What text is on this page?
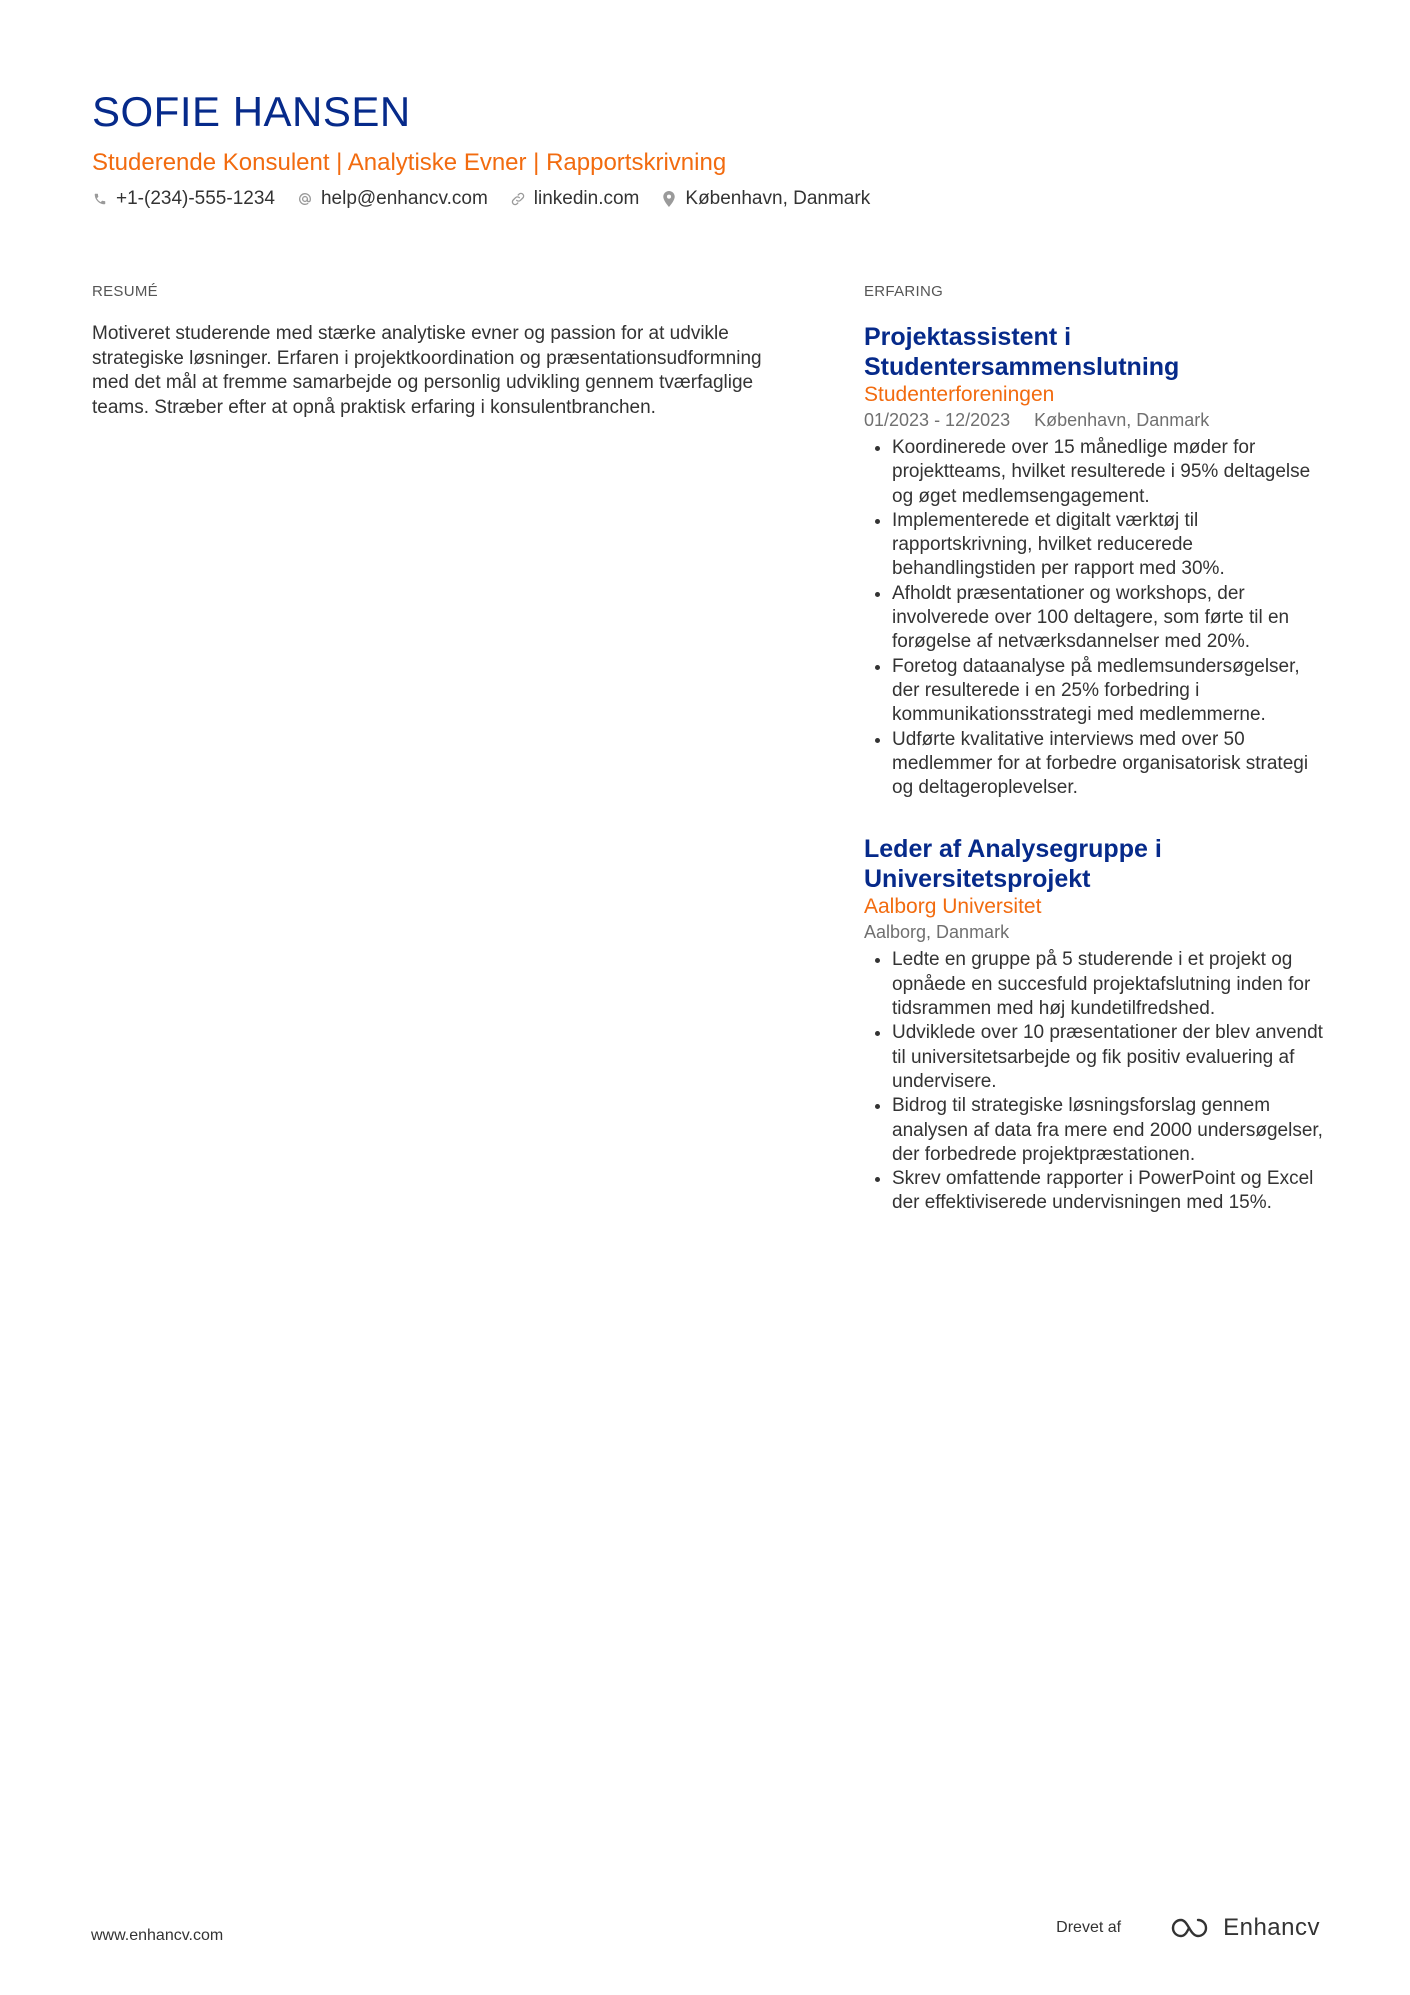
SOFIE HANSEN
Studerende Konsulent | Analytiske Evner | Rapportskrivning
+1-(234)-555-1234 help@enhancv.com linkedin.com København, Danmark
RESUMÉ

Motiveret studerende med stærke analytiske evner og passion for at udvikle strategiske løsninger. Erfaren i projektkoordination og præsentationsudformning med det mål at fremme samarbejde og personlig udvikling gennem tværfaglige teams. Stræber efter at opnå praktisk erfaring i konsulentbranchen.

ERFARING
Projektassistent i Studentersammenslutning
Studenterforeningen
01/2023 - 12/2023 København, Danmark
Koordinerede over 15 månedlige møder for projektteams, hvilket resulterede i 95% deltagelse og øget medlemsengagement.
Implementerede et digitalt værktøj til rapportskrivning, hvilket reducerede behandlingstiden per rapport med 30%.
Afholdt præsentationer og workshops, der involverede over 100 deltagere, som førte til en forøgelse af netværksdannelser med 20%.
Foretog dataanalyse på medlemsundersøgelser, der resulterede i en 25% forbedring i kommunikationsstrategi med medlemmerne.
Udførte kvalitative interviews med over 50 medlemmer for at forbedre organisatorisk strategi og deltageroplevelser.
Leder af Analysegruppe i Universitetsprojekt
Aalborg Universitet
Aalborg, Danmark
Ledte en gruppe på 5 studerende i et projekt og opnåede en succesfuld projektafslutning inden for tidsrammen med høj kundetilfredshed.
Udviklede over 10 præsentationer der blev anvendt til universitetsarbejde og fik positiv evaluering af undervisere.
Bidrog til strategiske løsningsforslag gennem analysen af data fra mere end 2000 undersøgelser, der forbedrede projektpræstationen.
Skrev omfattende rapporter i PowerPoint og Excel der effektiviserede undervisningen med 15%.
www.enhancv.com	Drevet af	Enhancv
